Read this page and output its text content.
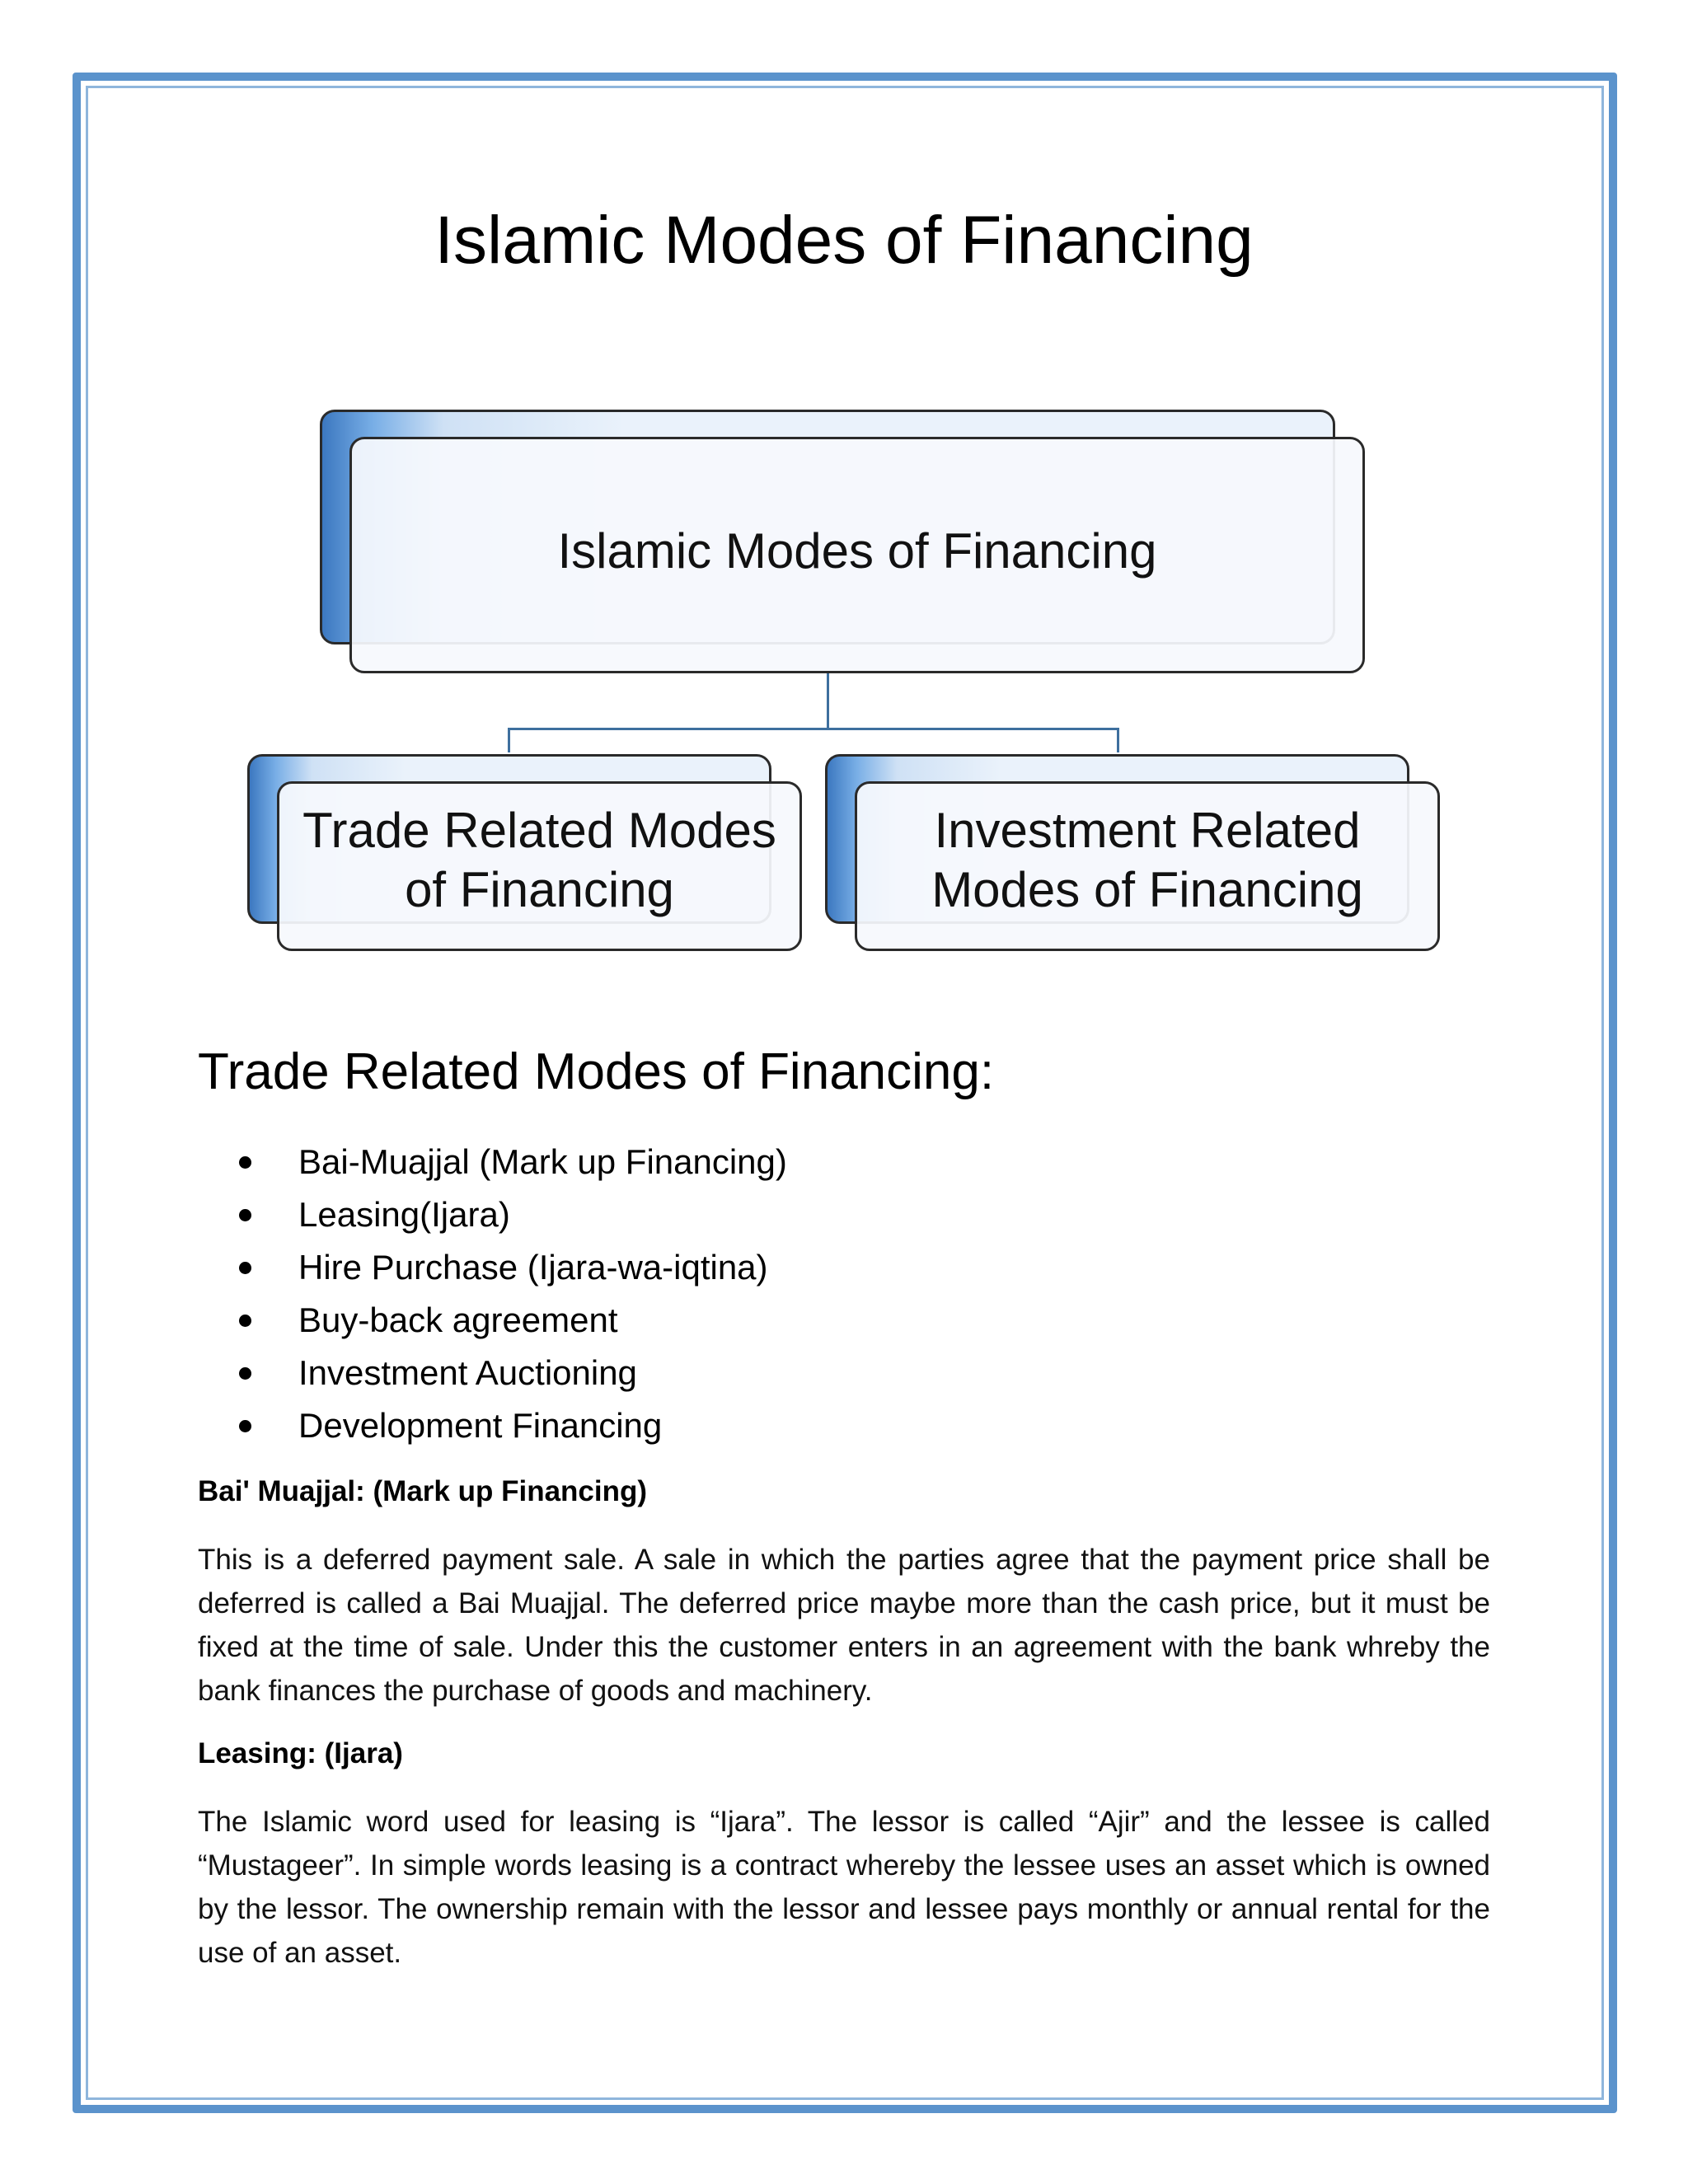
Islamic Modes of Financing
Islamic Modes of Financing
Trade Related Modes of Financing
Investment Related Modes of Financing
Trade Related Modes of Financing:
Bai-Muajjal (Mark up Financing)
Leasing(Ijara)
Hire Purchase (Ijara-wa-iqtina)
Buy-back agreement
Investment Auctioning
Development Financing
Bai' Muajjal: (Mark up Financing)

This is a deferred payment sale. A sale in which the parties agree that the payment price shall be deferred is called a Bai Muajjal. The deferred price maybe more than the cash price, but it must be fixed at the time of sale. Under this the customer enters in an agreement with the bank whreby the bank finances the purchase of goods and machinery.

Leasing: (Ijara)

The Islamic word used for leasing is “Ijara”. The lessor is called “Ajir” and the lessee is called “Mustageer”. In simple words leasing is a contract whereby the lessee uses an asset which is owned by the lessor. The ownership remain with the lessor and lessee pays monthly or annual rental for the use of an asset.
